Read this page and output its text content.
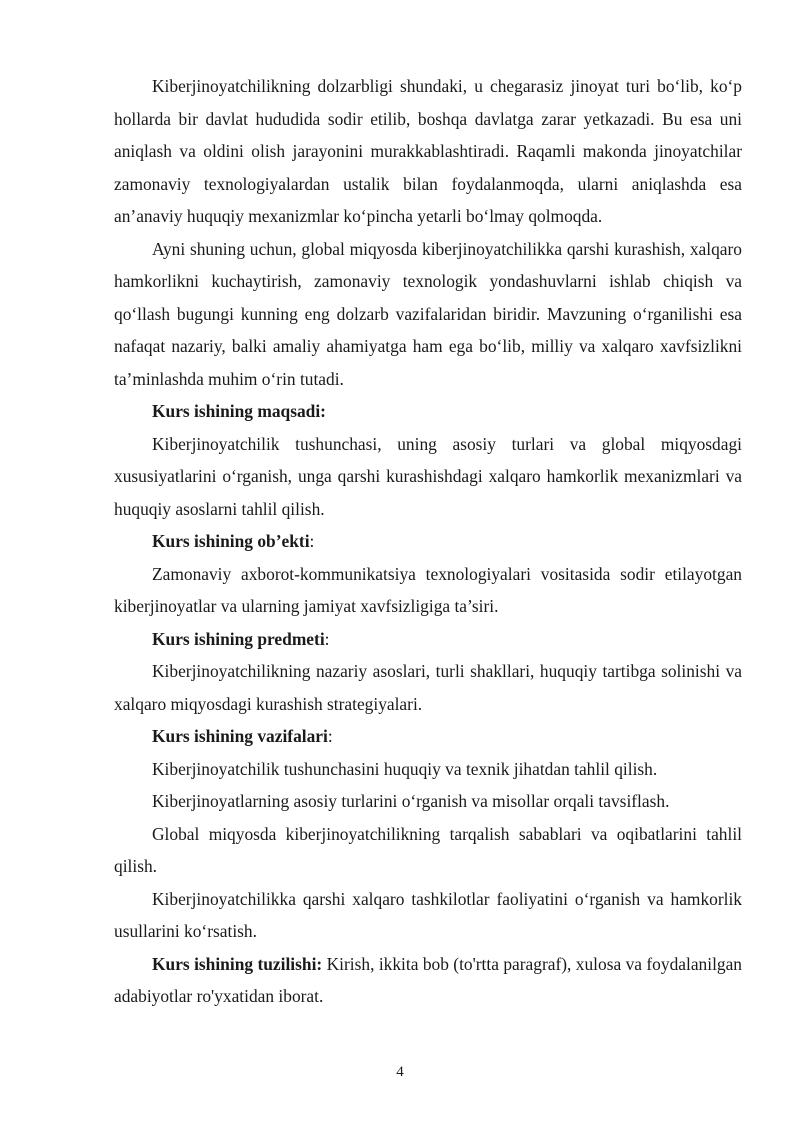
Kiberjinoyatchilikning dolzarbligi shundaki, u chegarasiz jinoyat turi bo‘lib, ko‘p hollarda bir davlat hududida sodir etilib, boshqa davlatga zarar yetkazadi. Bu esa uni aniqlash va oldini olish jarayonini murakkablashtiradi. Raqamli makonda jinoyatchilar zamonaviy texnologiyalardan ustalik bilan foydalanmoqda, ularni aniqlashda esa an’anaviy huquqiy mexanizmlar ko‘pincha yetarli bo‘lmay qolmoqda.

Ayni shuning uchun, global miqyosda kiberjinoyatchilikka qarshi kurashish, xalqaro hamkorlikni kuchaytirish, zamonaviy texnologik yondashuvlarni ishlab chiqish va qo‘llash bugungi kunning eng dolzarb vazifalaridan biridir. Mavzuning o‘rganilishi esa nafaqat nazariy, balki amaliy ahamiyatga ham ega bo‘lib, milliy va xalqaro xavfsizlikni ta’minlashda muhim o‘rin tutadi.

Kurs ishining maqsadi:

Kiberjinoyatchilik tushunchasi, uning asosiy turlari va global miqyosdagi xususiyatlarini o‘rganish, unga qarshi kurashishdagi xalqaro hamkorlik mexanizmlari va huquqiy asoslarni tahlil qilish.

Kurs ishining ob’ekti:

Zamonaviy axborot-kommunikatsiya texnologiyalari vositasida sodir etilayotgan kiberjinoyatlar va ularning jamiyat xavfsizligiga ta’siri.

Kurs ishining predmeti:

Kiberjinoyatchilikning nazariy asoslari, turli shakllari, huquqiy tartibga solinishi va xalqaro miqyosdagi kurashish strategiyalari.

Kurs ishining vazifalari:

Kiberjinoyatchilik tushunchasini huquqiy va texnik jihatdan tahlil qilish.

Kiberjinoyatlarning asosiy turlarini o‘rganish va misollar orqali tavsiflash.

Global miqyosda kiberjinoyatchilikning tarqalish sabablari va oqibatlarini tahlil qilish.

Kiberjinoyatchilikka qarshi xalqaro tashkilotlar faoliyatini o‘rganish va hamkorlik usullarini ko‘rsatish.

Kurs ishining tuzilishi: Kirish, ikkita bob (to'rtta paragraf), xulosa va foydalanilgan adabiyotlar ro'yxatidan iborat.

4
